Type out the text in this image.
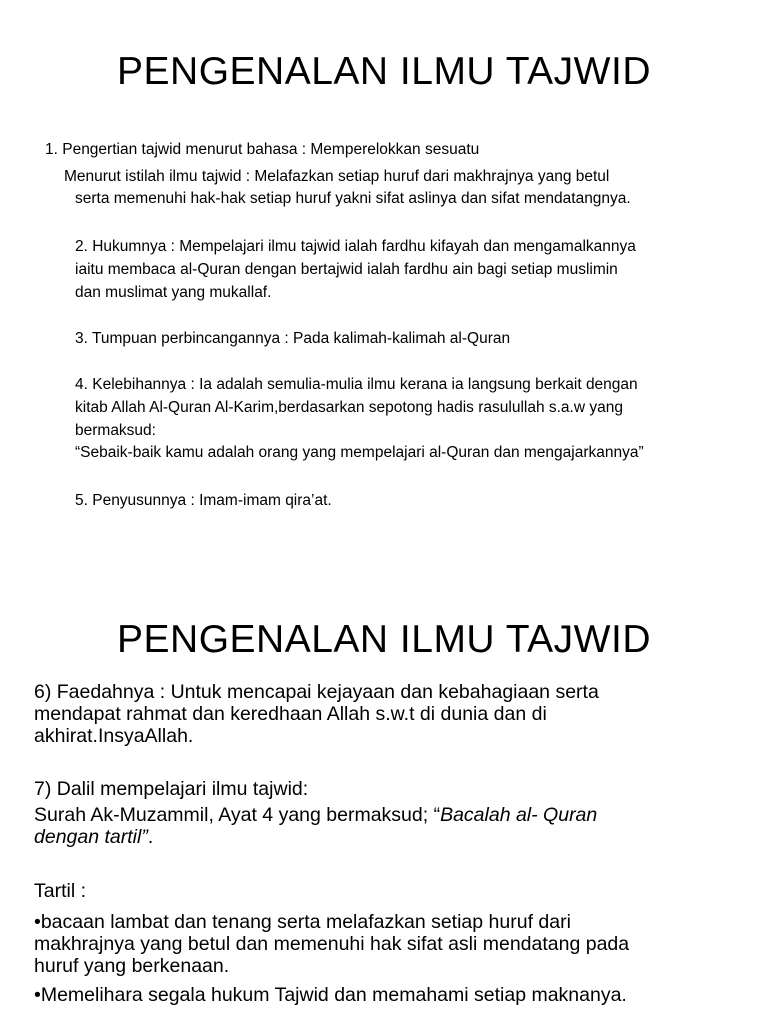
PENGENALAN ILMU TAJWID

1. Pengertian tajwid menurut bahasa : Memperelokkan sesuatu

Menurut istilah ilmu tajwid : Melafazkan setiap huruf dari makhrajnya yang betul

serta memenuhi hak-hak setiap huruf yakni sifat aslinya dan sifat mendatangnya.

2. Hukumnya : Mempelajari ilmu tajwid ialah fardhu kifayah dan mengamalkannya

iaitu membaca al-Quran dengan bertajwid ialah fardhu ain bagi setiap muslimin

dan muslimat yang mukallaf.

3. Tumpuan perbincangannya : Pada kalimah-kalimah al-Quran

4. Kelebihannya : Ia adalah semulia-mulia ilmu kerana ia langsung berkait dengan

kitab Allah Al-Quran Al-Karim,berdasarkan sepotong hadis rasulullah s.a.w yang

bermaksud:

“Sebaik-baik kamu adalah orang yang mempelajari al-Quran dan mengajarkannya”

5. Penyusunnya : Imam-imam qira’at.

PENGENALAN ILMU TAJWID

6) Faedahnya : Untuk mencapai kejayaan dan kebahagiaan serta

mendapat rahmat dan keredhaan Allah s.w.t di dunia dan di

akhirat.InsyaAllah.

7) Dalil mempelajari ilmu tajwid:

Surah Ak-Muzammil, Ayat 4 yang bermaksud; “Bacalah al- Quran

dengan tartil”.

Tartil :

•bacaan lambat dan tenang serta melafazkan setiap huruf dari

makhrajnya yang betul dan memenuhi hak sifat asli mendatang pada

huruf yang berkenaan.

•Memelihara segala hukum Tajwid dan memahami setiap maknanya.
